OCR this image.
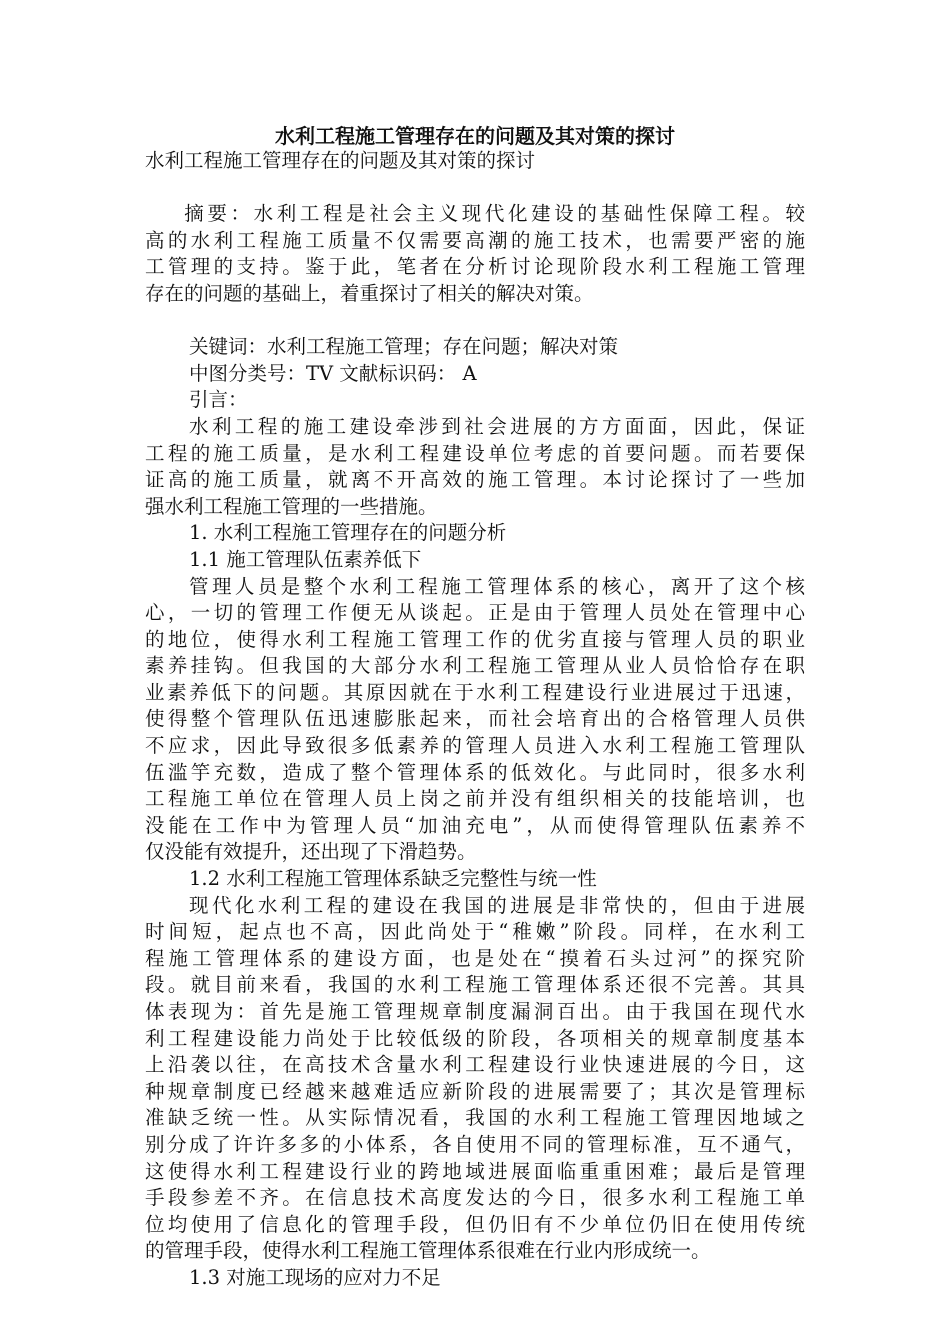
水利工程施工管理存在的问题及其对策的探讨
水利工程施工管理存在的问题及其对策的探讨
摘要：水利工程是社会主义现代化建设的基础性保障工程。较
高的水利工程施工质量不仅需要高潮的施工技术，也需要严密的施
工管理的支持。鉴于此，笔者在分析讨论现阶段水利工程施工管理
存在的问题的基础上，着重探讨了相关的解决对策。
关键词：水利工程施工管理；存在问题；解决对策
中图分类号：TV 文献标识码： A
引言：
水利工程的施工建设牵涉到社会进展的方方面面，因此，保证
工程的施工质量，是水利工程建设单位考虑的首要问题。而若要保
证高的施工质量，就离不开高效的施工管理。本讨论探讨了一些加
强水利工程施工管理的一些措施。
1. 水利工程施工管理存在的问题分析
1.1 施工管理队伍素养低下
管理人员是整个水利工程施工管理体系的核心，离开了这个核
心，一切的管理工作便无从谈起。正是由于管理人员处在管理中心
的地位，使得水利工程施工管理工作的优劣直接与管理人员的职业
素养挂钩。但我国的大部分水利工程施工管理从业人员恰恰存在职
业素养低下的问题。其原因就在于水利工程建设行业进展过于迅速，
使得整个管理队伍迅速膨胀起来，而社会培育出的合格管理人员供
不应求，因此导致很多低素养的管理人员进入水利工程施工管理队
伍滥竽充数，造成了整个管理体系的低效化。与此同时，很多水利
工程施工单位在管理人员上岗之前并没有组织相关的技能培训，也
没能在工作中为管理人员“加油充电”，从而使得管理队伍素养不
仅没能有效提升，还出现了下滑趋势。
1.2 水利工程施工管理体系缺乏完整性与统一性
现代化水利工程的建设在我国的进展是非常快的，但由于进展
时间短，起点也不高，因此尚处于“稚嫩”阶段。同样，在水利工
程施工管理体系的建设方面，也是处在“摸着石头过河”的探究阶
段。就目前来看，我国的水利工程施工管理体系还很不完善。其具
体表现为：首先是施工管理规章制度漏洞百出。由于我国在现代水
利工程建设能力尚处于比较低级的阶段，各项相关的规章制度基本
上沿袭以往，在高技术含量水利工程建设行业快速进展的今日，这
种规章制度已经越来越难适应新阶段的进展需要了；其次是管理标
准缺乏统一性。从实际情况看，我国的水利工程施工管理因地域之
别分成了许许多多的小体系，各自使用不同的管理标准，互不通气，
这使得水利工程建设行业的跨地域进展面临重重困难；最后是管理
手段参差不齐。在信息技术高度发达的今日，很多水利工程施工单
位均使用了信息化的管理手段，但仍旧有不少单位仍旧在使用传统
的管理手段，使得水利工程施工管理体系很难在行业内形成统一。
1.3 对施工现场的应对力不足
